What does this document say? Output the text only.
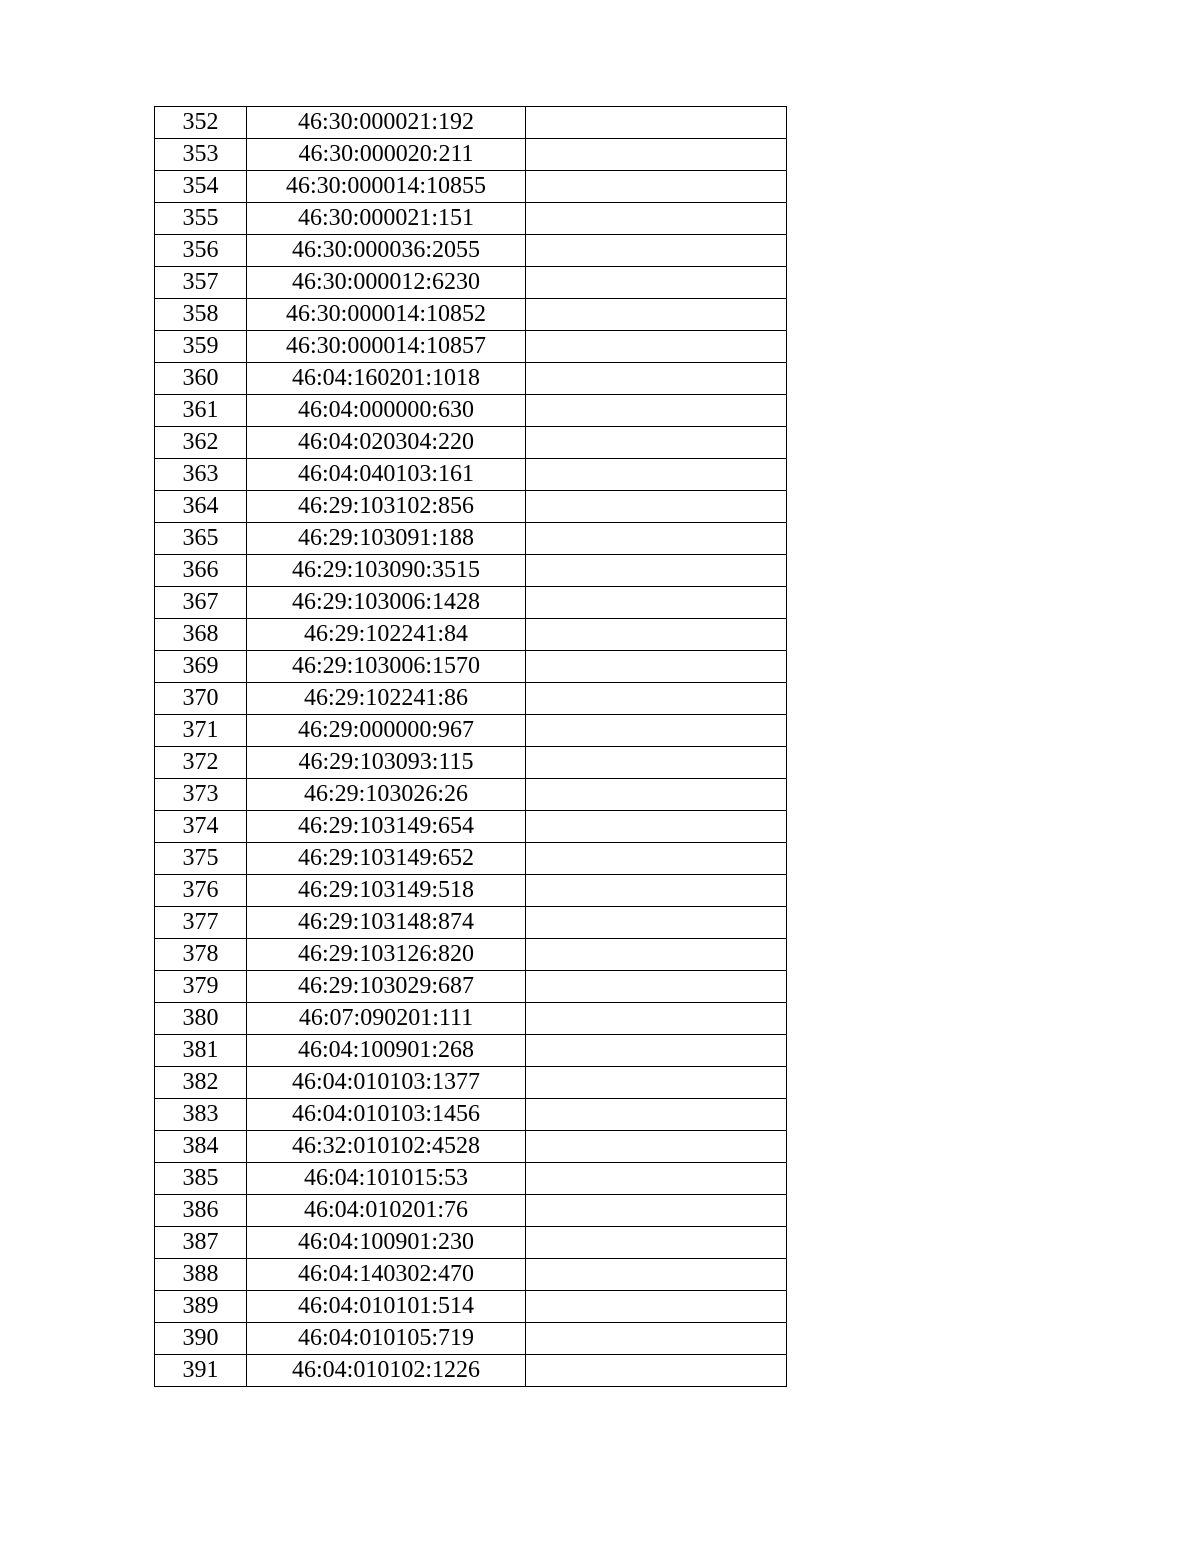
352	46:30:000021:192	
353	46:30:000020:211	
354	46:30:000014:10855	
355	46:30:000021:151	
356	46:30:000036:2055	
357	46:30:000012:6230	
358	46:30:000014:10852	
359	46:30:000014:10857	
360	46:04:160201:1018	
361	46:04:000000:630	
362	46:04:020304:220	
363	46:04:040103:161	
364	46:29:103102:856	
365	46:29:103091:188	
366	46:29:103090:3515	
367	46:29:103006:1428	
368	46:29:102241:84	
369	46:29:103006:1570	
370	46:29:102241:86	
371	46:29:000000:967	
372	46:29:103093:115	
373	46:29:103026:26	
374	46:29:103149:654	
375	46:29:103149:652	
376	46:29:103149:518	
377	46:29:103148:874	
378	46:29:103126:820	
379	46:29:103029:687	
380	46:07:090201:111	
381	46:04:100901:268	
382	46:04:010103:1377	
383	46:04:010103:1456	
384	46:32:010102:4528	
385	46:04:101015:53	
386	46:04:010201:76	
387	46:04:100901:230	
388	46:04:140302:470	
389	46:04:010101:514	
390	46:04:010105:719	
391	46:04:010102:1226	
